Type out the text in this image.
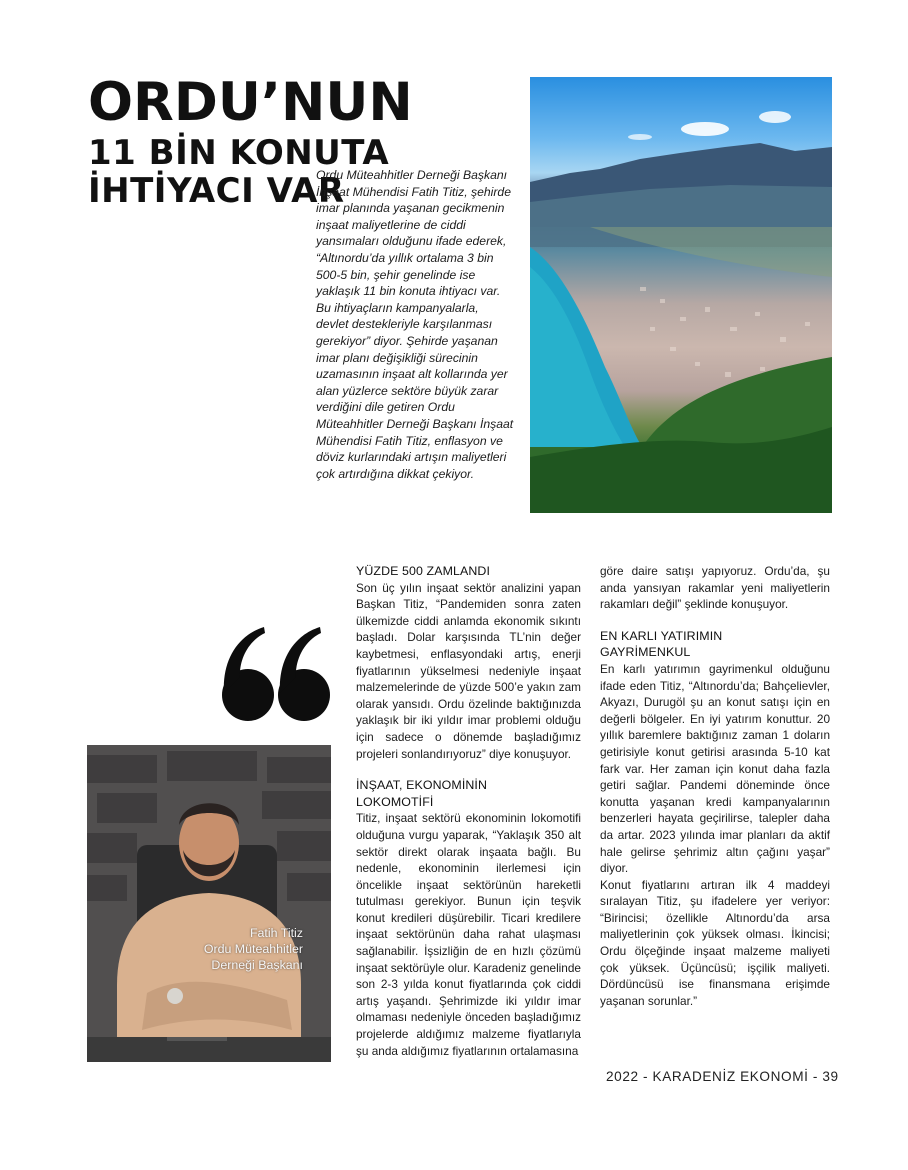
ORDU’NUN
11 BİN KONUTA
İHTİYACI VAR

Ordu Müteahhitler Derneği Başkanı İnşaat Mühendisi Fatih Titiz, şehirde imar planında yaşanan gecikmenin inşaat maliyetlerine de ciddi yansımaları olduğunu ifade ederek, “Altınordu’da yıllık ortalama 3 bin 500-5 bin, şehir genelinde ise yaklaşık 11 bin konuta ihtiyacı var. Bu ihtiyaçların kampanyalarla, devlet destekleriyle karşılanması gerekiyor” diyor. Şehirde yaşanan imar planı değişikliği sürecinin uzamasının inşaat alt kollarında yer alan yüzlerce sektöre büyük zarar verdiğini dile getiren Ordu Müteahhitler Derneği Başkanı İnşaat Mühendisi Fatih Titiz, enflasyon ve döviz kurlarındaki artışın maliyetleri çok artırdığına dikkat çekiyor.

Fatih Titiz
Ordu Müteahhitler
Derneği Başkanı
YÜZDE 500 ZAMLANDI

Son üç yılın inşaat sektör analizini yapan Başkan Titiz, “Pandemiden sonra zaten ülkemizde ciddi anlamda ekonomik sıkıntı başladı. Dolar karşısında TL’nin değer kaybetmesi, enflasyondaki artış, enerji fiyatlarının yükselmesi nedeniyle inşaat malzemelerinde de yüzde 500’e yakın zam olarak yansıdı. Ordu özelinde baktığınızda yaklaşık bir iki yıldır imar problemi olduğu için sadece o dönemde başladığımız projeleri sonlandırıyoruz” diye konuşuyor.

İNŞAAT, EKONOMİNİN
LOKOMOTİFİ

Titiz, inşaat sektörü ekonominin lokomotifi olduğuna vurgu yaparak, “Yaklaşık 350 alt sektör direkt olarak inşaata bağlı. Bu nedenle, ekonominin ilerlemesi için öncelikle inşaat sektörünün hareketli tutulması gerekiyor. Bunun için teşvik konut kredileri düşürebilir. Ticari kredilere inşaat sektörünün daha rahat ulaşması sağlanabilir. İşsizliğin de en hızlı çözümü inşaat sektörüyle olur. Karadeniz genelinde son 2-3 yılda konut fiyatlarında çok ciddi artış yaşandı. Şehrimizde iki yıldır imar olmaması nedeniyle önceden başladığımız projelerde aldığımız malzeme fiyatlarıyla şu anda aldığımız fiyatlarının ortalamasına

göre daire satışı yapıyoruz. Ordu’da, şu anda yansıyan rakamlar yeni maliyetlerin rakamları değil” şeklinde konuşuyor.

EN KARLI YATIRIMIN
GAYRİMENKUL

En karlı yatırımın gayrimenkul olduğunu ifade eden Titiz, “Altınordu’da; Bahçelievler, Akyazı, Durugöl şu an konut satışı için en değerli bölgeler. En iyi yatırım konuttur. 20 yıllık baremlere baktığınız zaman 1 doların getirisiyle konut getirisi arasında 5-10 kat fark var. Her zaman için konut daha fazla getiri sağlar. Pandemi döneminde önce konutta yaşanan kredi kampanyalarının benzerleri hayata geçirilirse, talepler daha da artar. 2023 yılında imar planları da aktif hale gelirse şehrimiz altın çağını yaşar” diyor.

Konut fiyatlarını artıran ilk 4 maddeyi sıralayan Titiz, şu ifadelere yer veriyor: “Birincisi; özellikle Altınordu’da arsa maliyetlerinin çok yüksek olması. İkincisi; Ordu ölçeğinde inşaat malzeme maliyeti çok yüksek. Üçüncüsü; işçilik maliyeti. Dördüncüsü ise finansmana erişimde yaşanan sorunlar.”

2022 - KARADENİZ EKONOMİ - 39
